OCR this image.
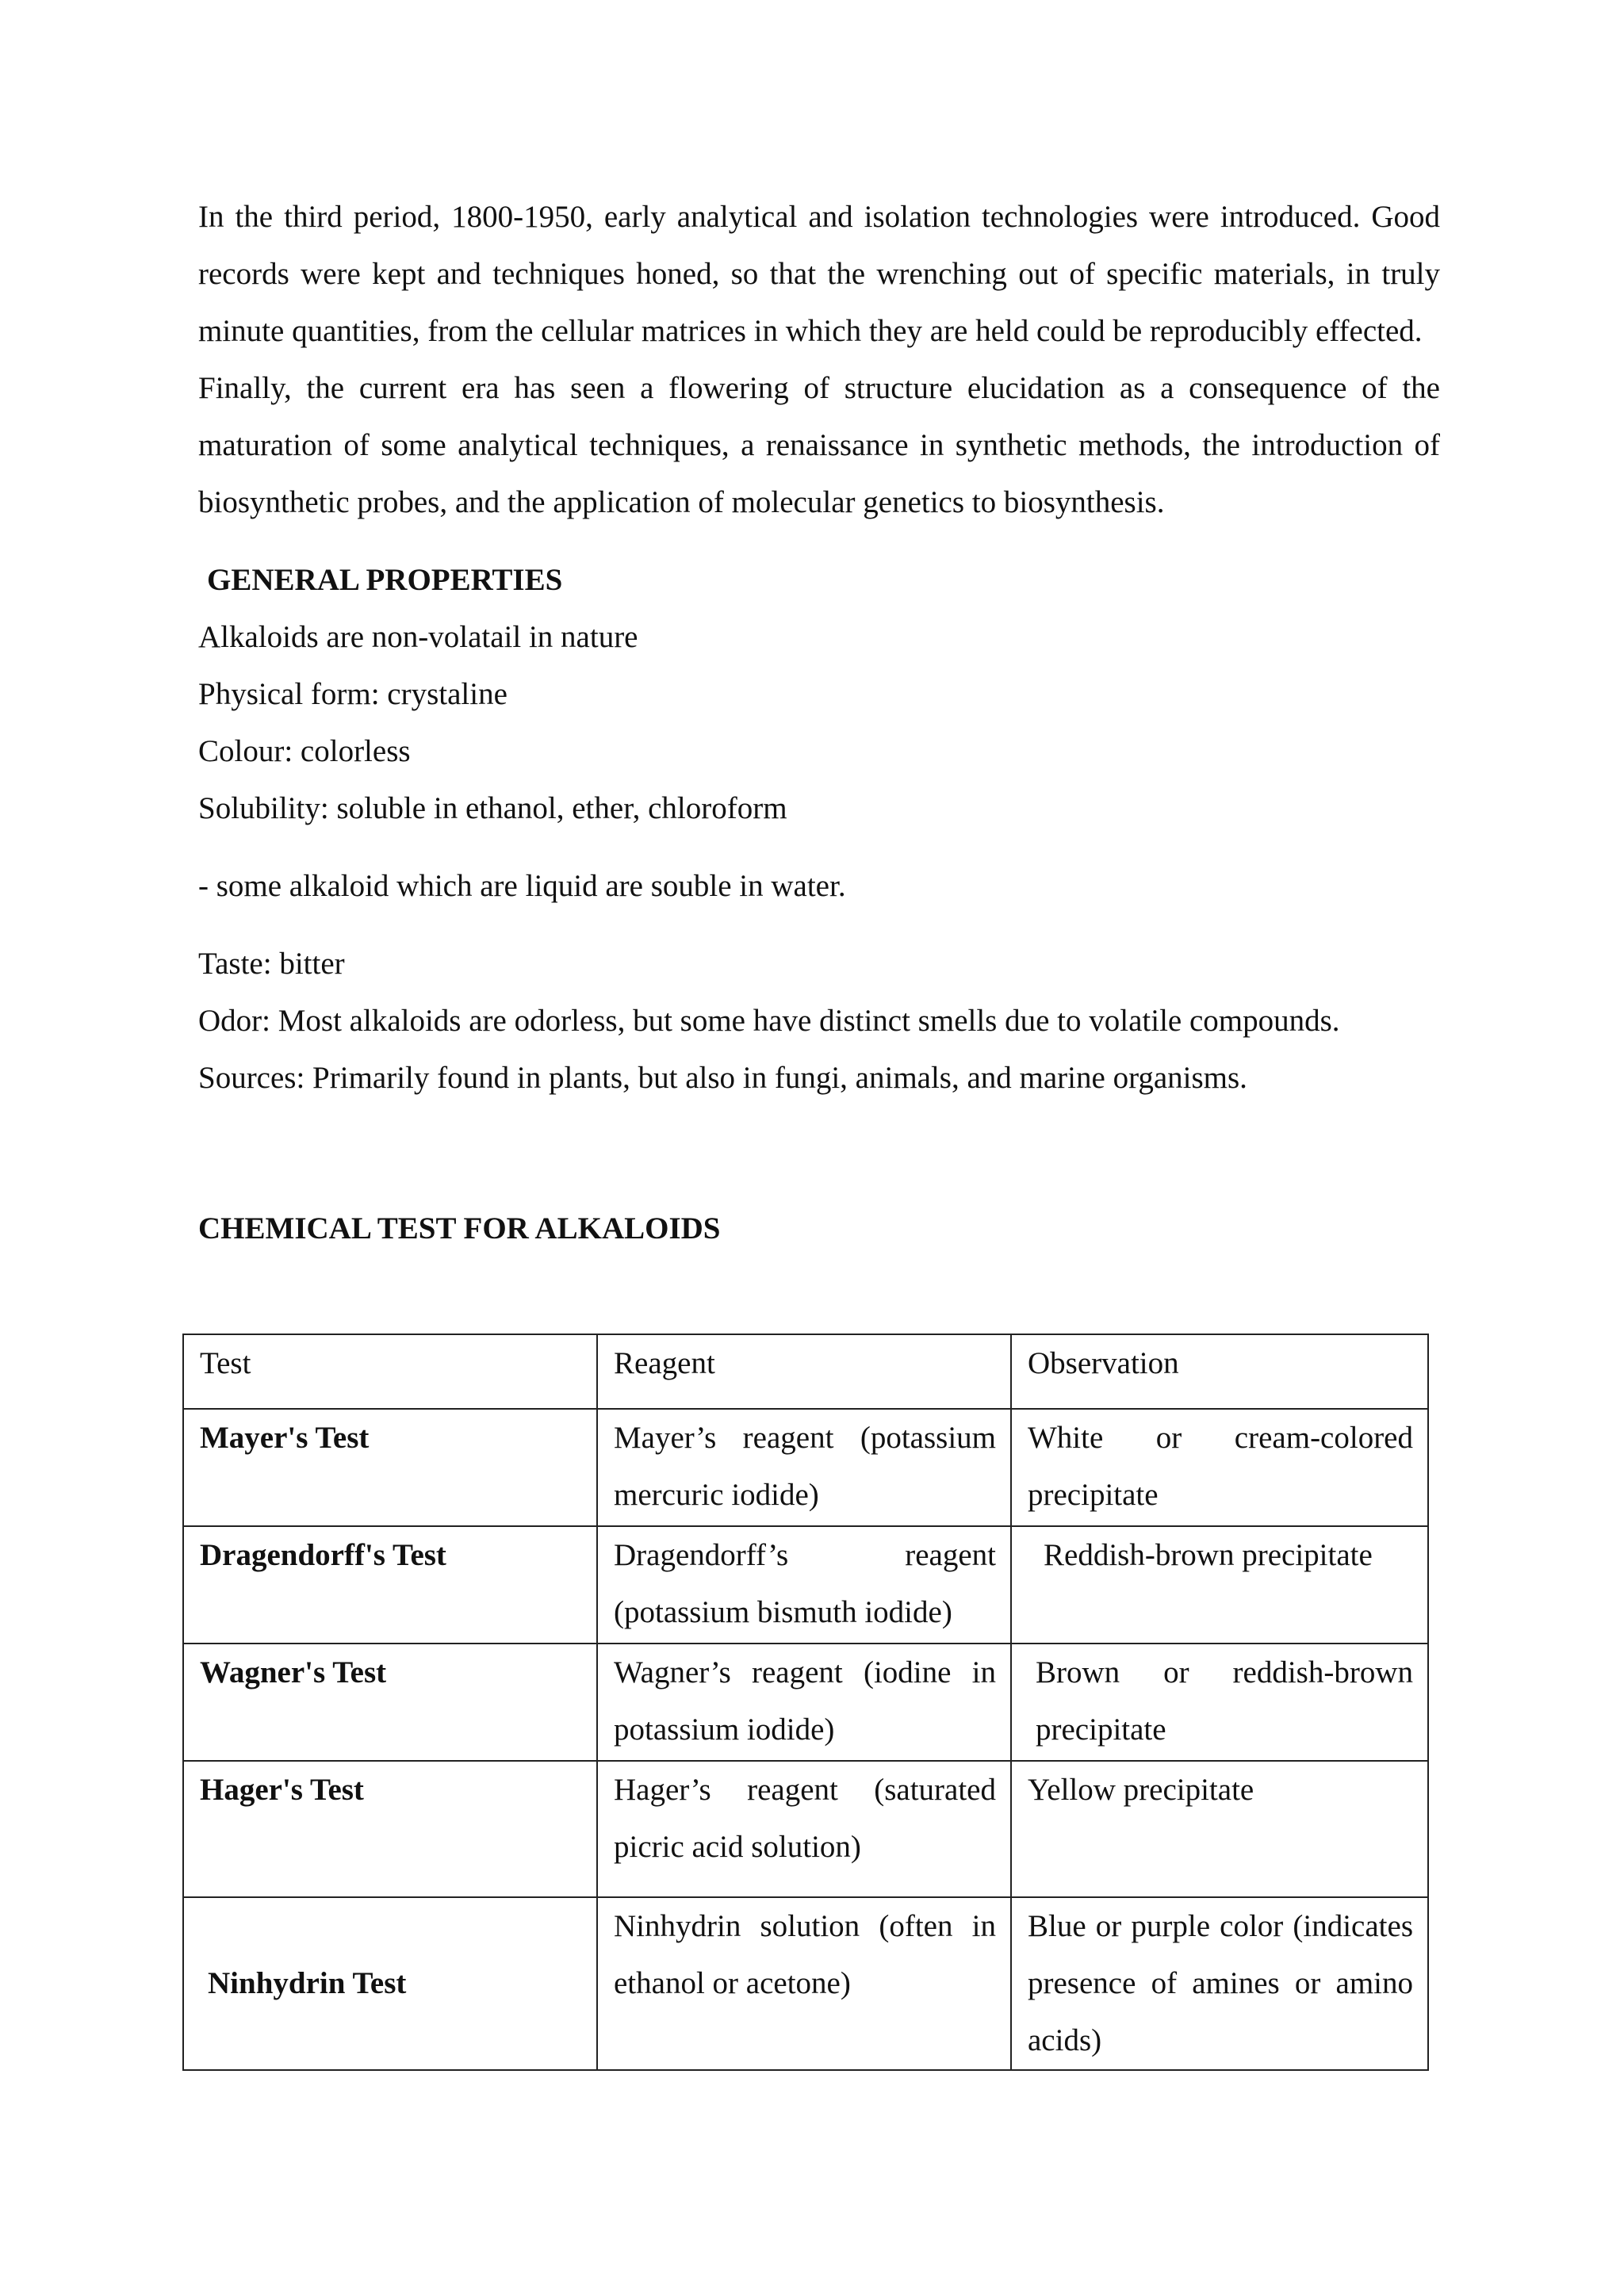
In the third period, 1800-1950, early analytical and isolation technologies were introduced. Good records were kept and techniques honed, so that the wrenching out of specific materials, in truly minute quantities, from the cellular matrices in which they are held could be reproducibly effected.

Finally, the current era has seen a flowering of structure elucidation as a consequence of the maturation of some analytical techniques, a renaissance in synthetic methods, the introduction of biosynthetic probes, and the application of molecular genetics to biosynthesis.

GENERAL PROPERTIES

Alkaloids are non-volatail in nature

Physical form: crystaline

Colour: colorless

Solubility: soluble in ethanol, ether, chloroform

- some alkaloid which are liquid are souble in water.

Taste: bitter

Odor: Most alkaloids are odorless, but some have distinct smells due to volatile compounds.

Sources: Primarily found in plants, but also in fungi, animals, and marine organisms.

CHEMICAL TEST FOR ALKALOIDS

Test	Reagent	Observation
Mayer's Test	Mayer’s reagent (potassium mercuric iodide)	White or cream-colored precipitate
Dragendorff's Test	Dragendorff’s reagent (potassium bismuth iodide)	Reddish-brown precipitate
Wagner's Test	Wagner’s reagent (iodine in potassium iodide)	Brown or reddish-brown precipitate
Hager's Test	Hager’s reagent (saturated picric acid solution)	Yellow precipitate
Ninhydrin Test	Ninhydrin solution (often in ethanol or acetone)	Blue or purple color (indicates presence of amines or amino acids)
